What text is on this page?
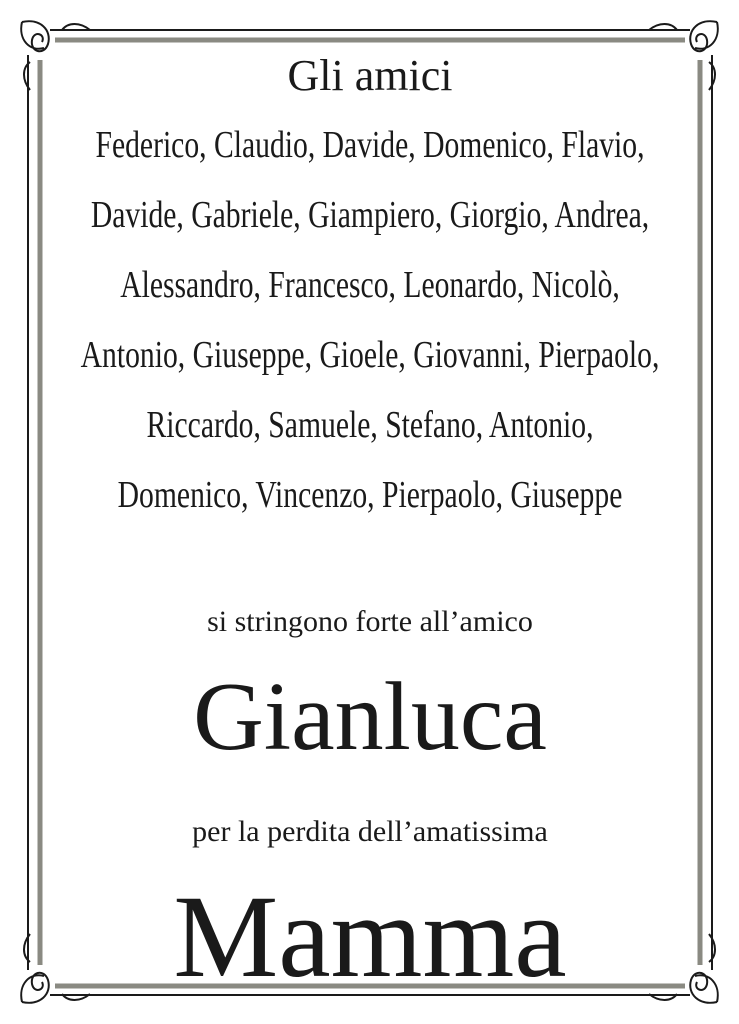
Gli amici
Federico, Claudio, Davide, Domenico, Flavio,
Davide, Gabriele, Giampiero, Giorgio, Andrea,
Alessandro, Francesco, Leonardo, Nicolò,
Antonio, Giuseppe, Gioele, Giovanni, Pierpaolo,
Riccardo, Samuele, Stefano, Antonio,
Domenico, Vincenzo, Pierpaolo, Giuseppe
si stringono forte all’amico
Gianluca
per la perdita dell’amatissima
Mamma
